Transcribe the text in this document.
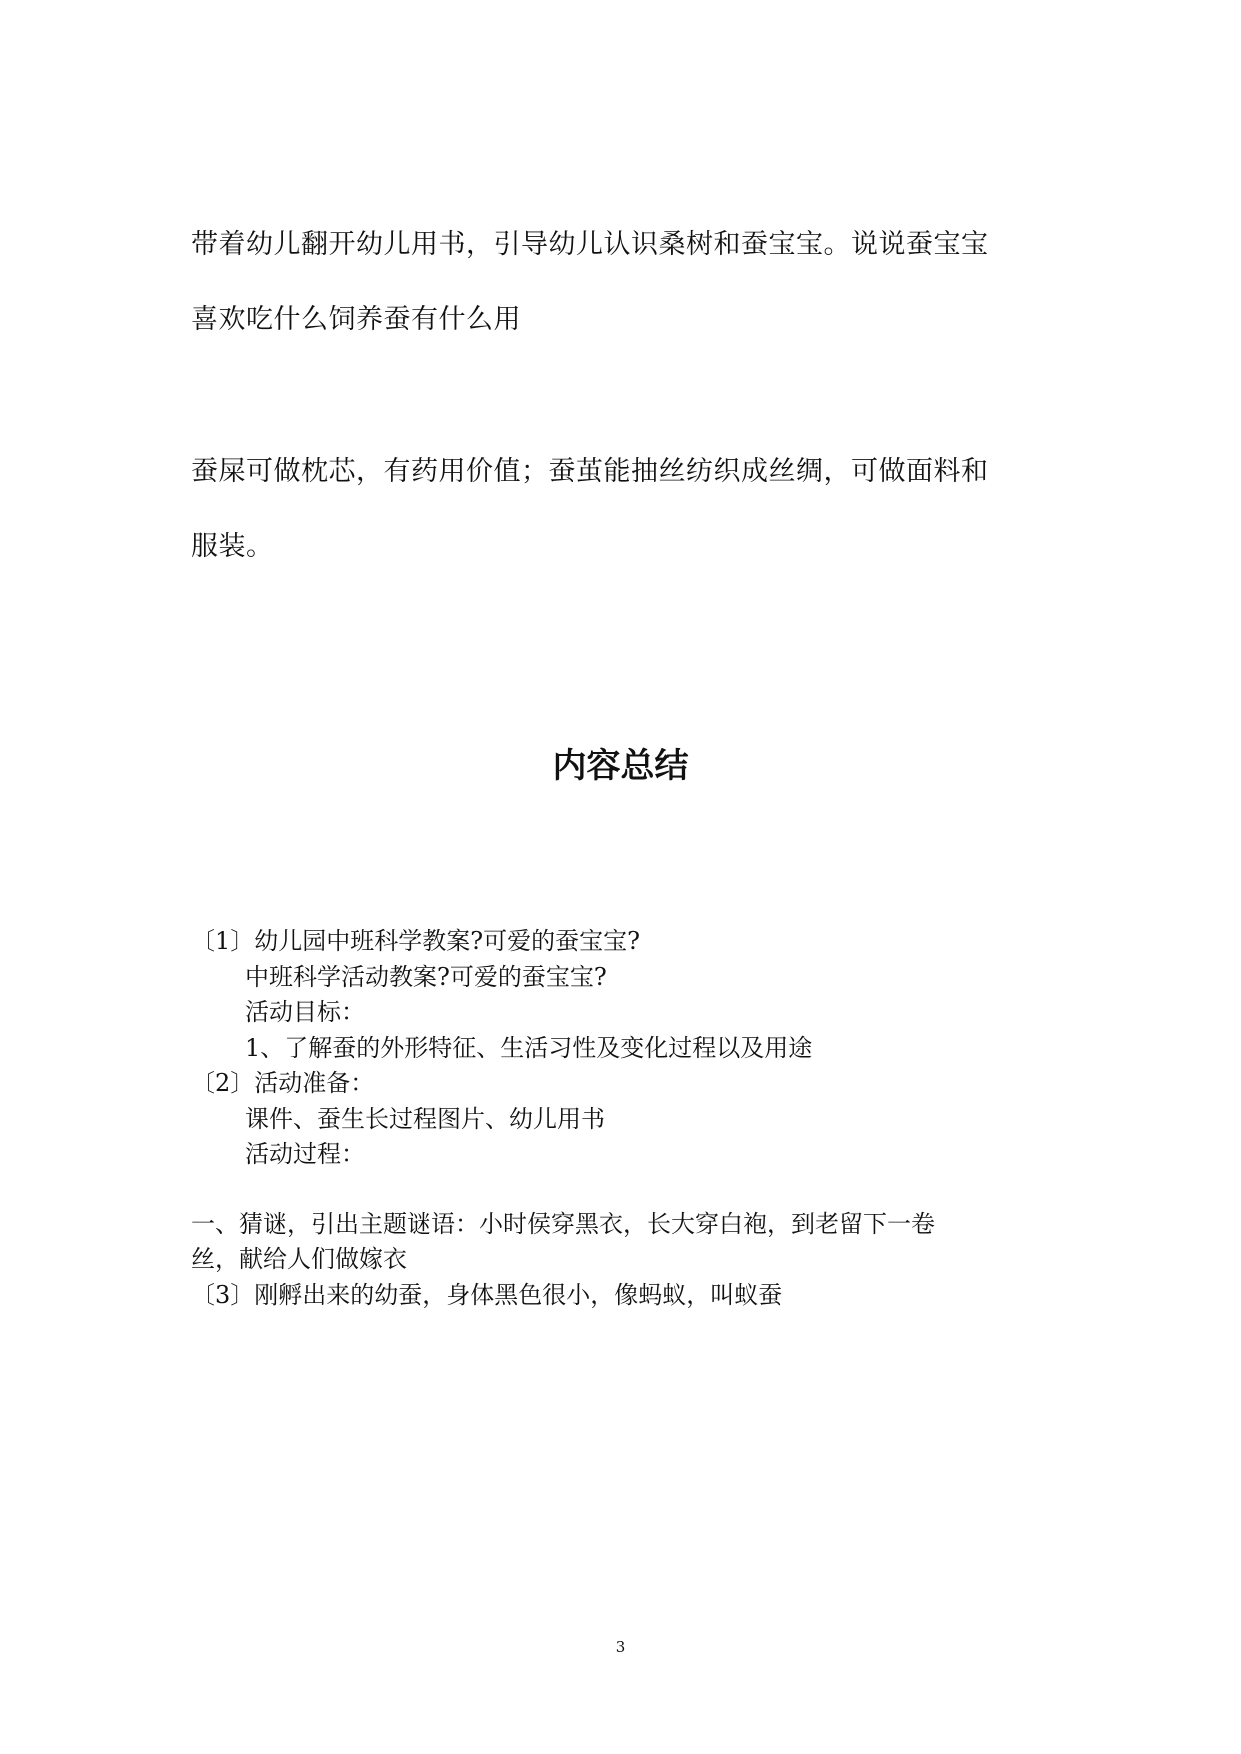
带着幼儿翻开幼儿用书，引导幼儿认识桑树和蚕宝宝。说说蚕宝宝
喜欢吃什么饲养蚕有什么用
蚕屎可做枕芯，有药用价值；蚕茧能抽丝纺织成丝绸，可做面料和
服装。
内容总结
〔1〕幼儿园中班科学教案?可爱的蚕宝宝?
中班科学活动教案?可爱的蚕宝宝?
活动目标：
1、了解蚕的外形特征、生活习性及变化过程以及用途
〔2〕活动准备：
课件、蚕生长过程图片、幼儿用书
活动过程：
一、猜谜，引出主题谜语：小时侯穿黑衣，长大穿白袍，到老留下一卷
丝，献给人们做嫁衣
〔3〕刚孵出来的幼蚕，身体黑色很小，像蚂蚁，叫蚁蚕
3
